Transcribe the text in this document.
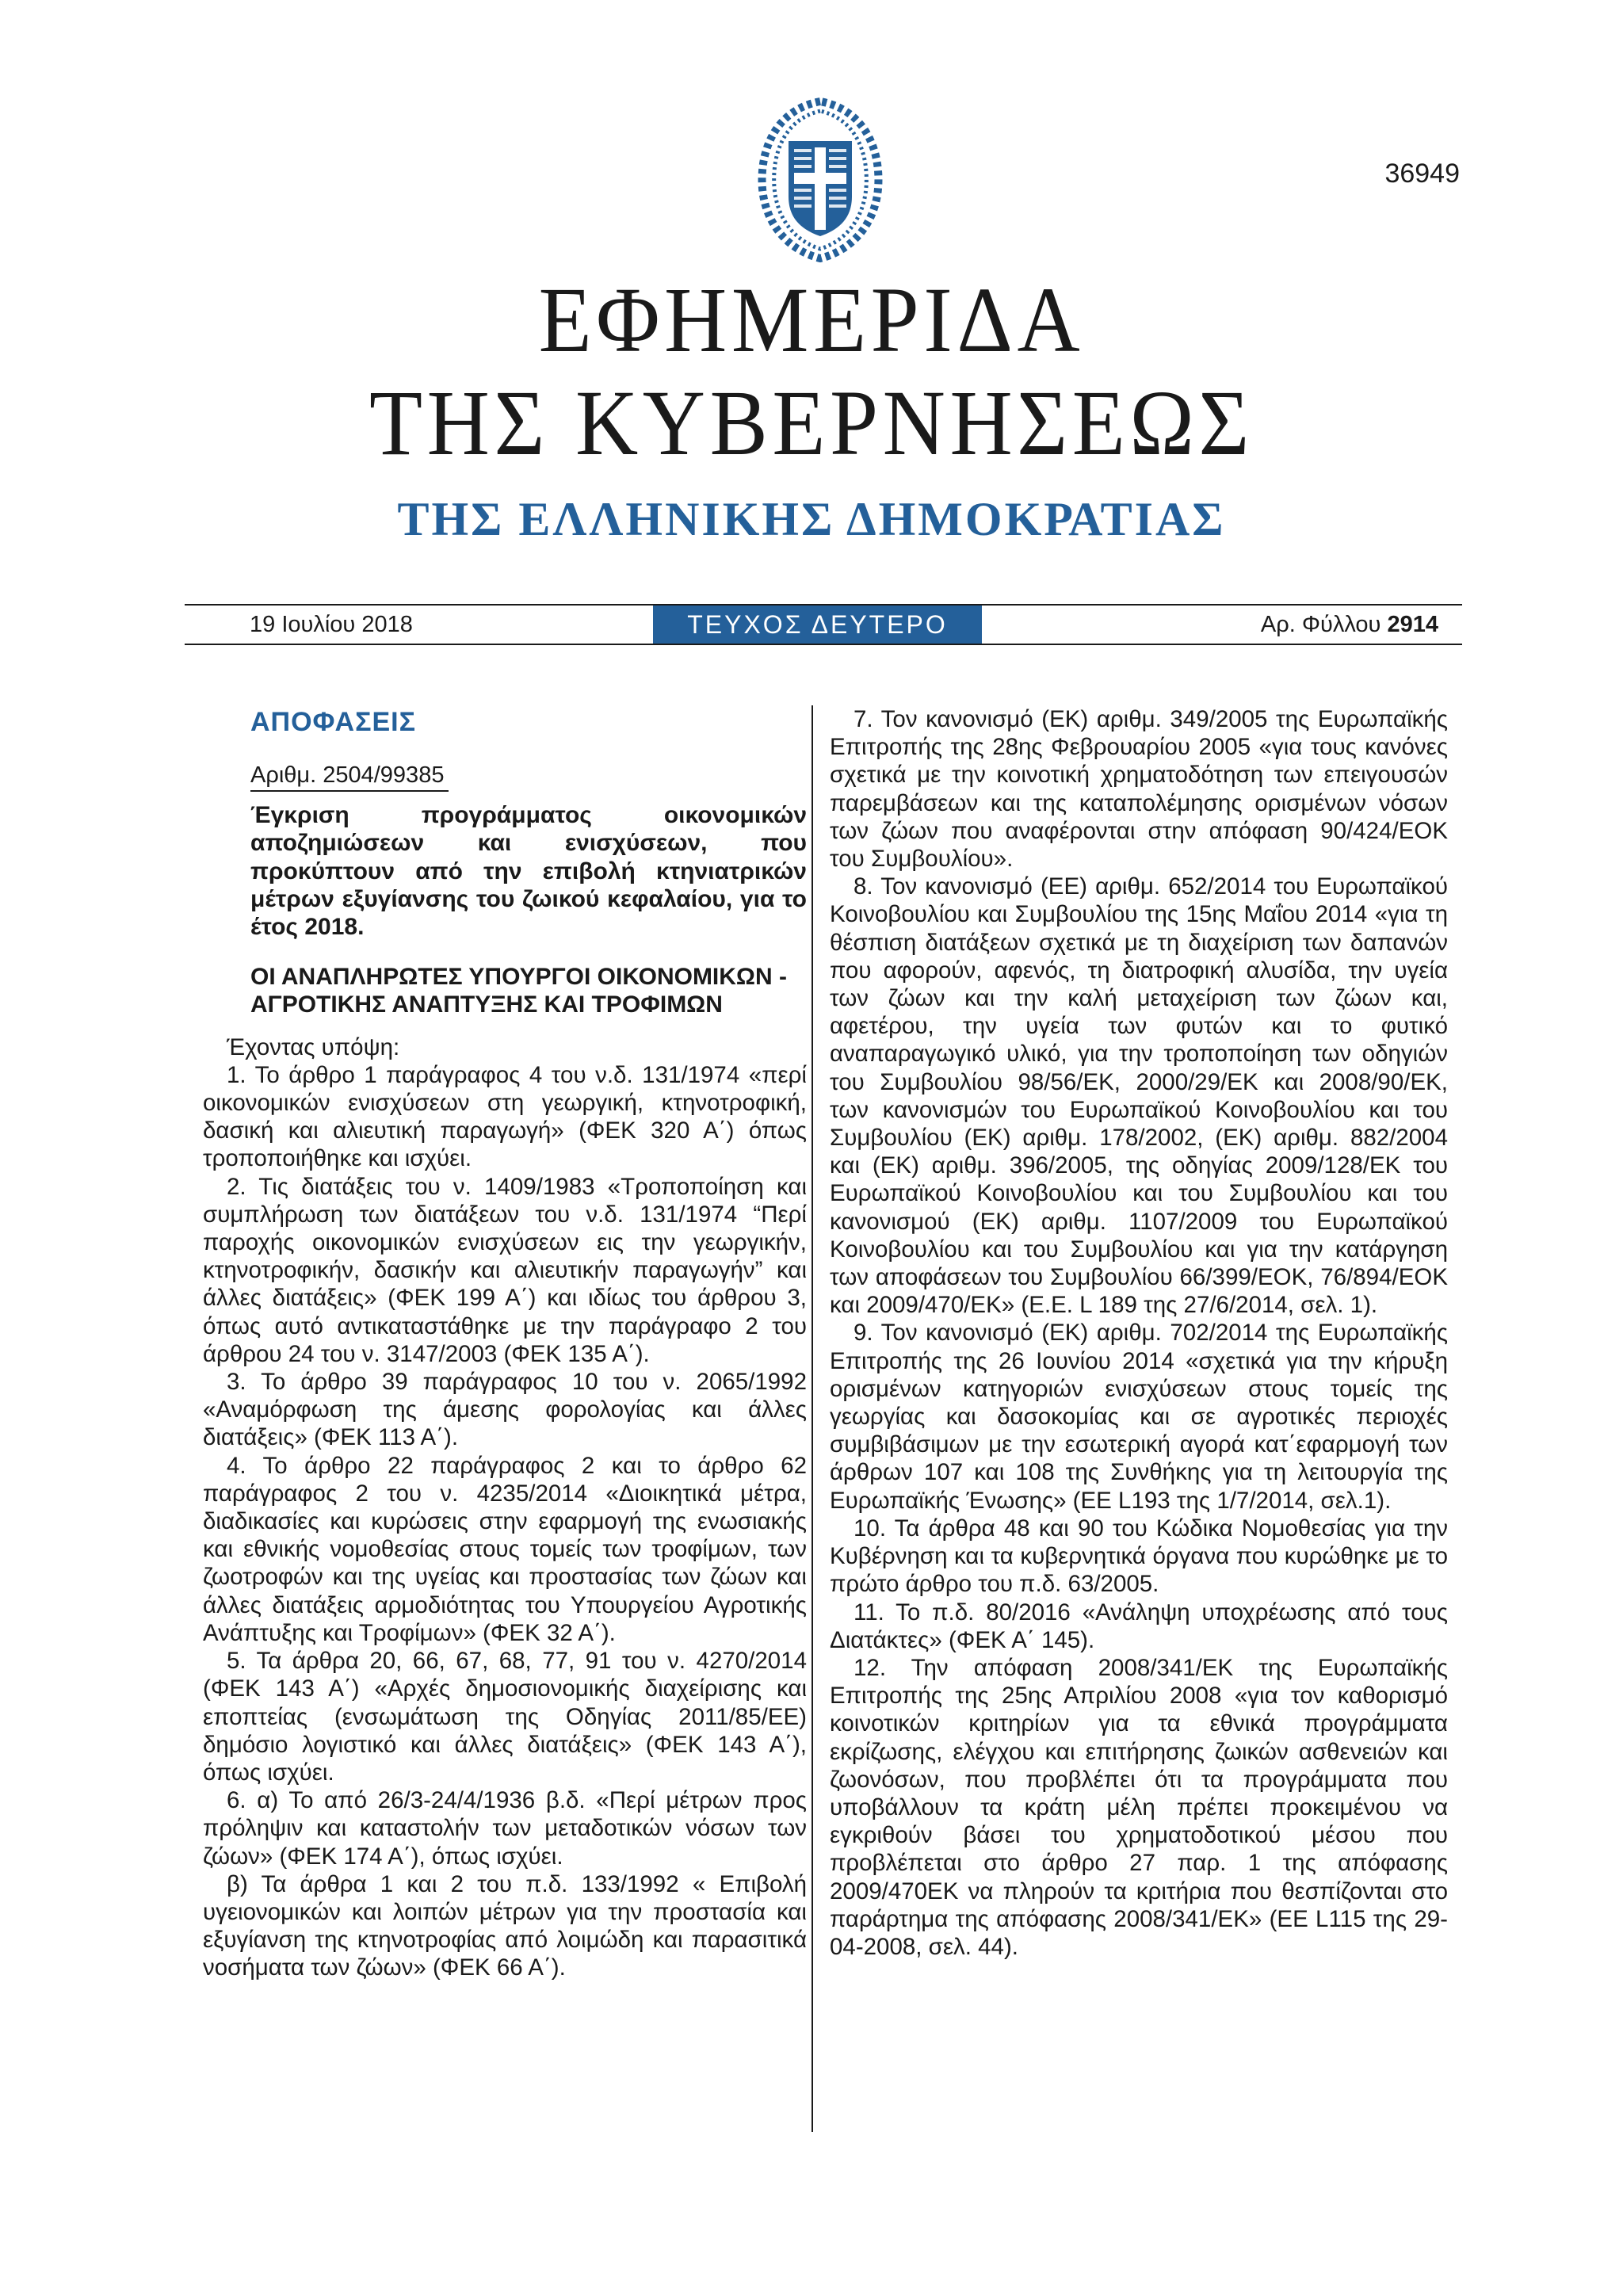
36949
ΕΦΗΜΕΡΙΔΑ
ΤΗΣ ΚΥΒΕΡΝΗΣΕΩΣ
ΤΗΣ ΕΛΛΗΝΙΚΗΣ ΔΗΜΟΚΡΑΤΙΑΣ
19 Ιουλίου 2018	ΤΕΥΧΟΣ ΔΕΥΤΕΡΟ	Αρ. Φύλλου 2914
ΑΠΟΦΑΣΕΙΣ
Αριθμ. 2504/99385
Έγκριση προγράμματος οικονομικών αποζημιώσεων και ενισχύσεων, που προκύπτουν από την επιβολή κτηνιατρικών μέτρων εξυγίανσης του ζωικού κεφαλαίου, για το έτος 2018.
ΟΙ ΑΝΑΠΛΗΡΩΤΕΣ ΥΠΟΥΡΓΟΙ ΟΙΚΟΝΟΜΙΚΩΝ - ΑΓΡΟΤΙΚΗΣ ΑΝΑΠΤΥΞΗΣ ΚΑΙ ΤΡΟΦΙΜΩΝ

Έχοντας υπόψη:

1. Το άρθρο 1 παράγραφος 4 του ν.δ. 131/1974 «περί οικονομικών ενισχύσεων στη γεωργική, κτηνοτροφική, δασική και αλιευτική παραγωγή» (ΦΕΚ 320 Α΄) όπως τροποποιήθηκε και ισχύει.

2. Τις διατάξεις του ν. 1409/1983 «Τροποποίηση και συμπλήρωση των διατάξεων του ν.δ. 131/1974 “Περί παροχής οικονομικών ενισχύσεων εις την γεωργικήν, κτηνοτροφικήν, δασικήν και αλιευτικήν παραγωγήν” και άλλες διατάξεις» (ΦΕΚ 199 Α΄) και ιδίως του άρθρου 3, όπως αυτό αντικαταστάθηκε με την παράγραφο 2 του άρθρου 24 του ν. 3147/2003 (ΦΕΚ 135 Α΄).

3. Το άρθρο 39 παράγραφος 10 του ν. 2065/1992 «Αναμόρφωση της άμεσης φορολογίας και άλλες διατάξεις» (ΦΕΚ 113 Α΄).

4. Το άρθρο 22 παράγραφος 2 και το άρθρο 62 παράγραφος 2 του ν. 4235/2014 «Διοικητικά μέτρα, διαδικασίες και κυρώσεις στην εφαρμογή της ενωσιακής και εθνικής νομοθεσίας στους τομείς των τροφίμων, των ζωοτροφών και της υγείας και προστασίας των ζώων και άλλες διατάξεις αρμοδιότητας του Υπουργείου Αγροτικής Ανάπτυξης και Τροφίμων» (ΦΕΚ 32 Α΄).

5. Τα άρθρα 20, 66, 67, 68, 77, 91 του ν. 4270/2014 (ΦΕΚ 143 Α΄) «Αρχές δημοσιονομικής διαχείρισης και εποπτείας (ενσωμάτωση της Οδηγίας 2011/85/ΕΕ) δημόσιο λογιστικό και άλλες διατάξεις» (ΦΕΚ 143 Α΄), όπως ισχύει.

6. α) Το από 26/3-24/4/1936 β.δ. «Περί μέτρων προς πρόληψιν και καταστολήν των μεταδοτικών νόσων των ζώων» (ΦΕΚ 174 Α΄), όπως ισχύει.

β) Τα άρθρα 1 και 2 του π.δ. 133/1992 « Επιβολή υγειονομικών και λοιπών μέτρων για την προστασία και εξυγίανση της κτηνοτροφίας από λοιμώδη και παρασιτικά νοσήματα των ζώων» (ΦΕΚ 66 Α΄).

7. Τον κανονισμό (ΕΚ) αριθμ. 349/2005 της Ευρωπαϊκής Επιτροπής της 28ης Φεβρουαρίου 2005 «για τους κανόνες σχετικά με την κοινοτική χρηματοδότηση των επειγουσών παρεμβάσεων και της καταπολέμησης ορισμένων νόσων των ζώων που αναφέρονται στην απόφαση 90/424/ΕΟΚ του Συμβουλίου».

8. Τον κανονισμό (ΕΕ) αριθμ. 652/2014 του Ευρωπαϊκού Κοινοβουλίου και Συμβουλίου της 15ης Μαΐου 2014 «για τη θέσπιση διατάξεων σχετικά με τη διαχείριση των δαπανών που αφορούν, αφενός, τη διατροφική αλυσίδα, την υγεία των ζώων και την καλή μεταχείριση των ζώων και, αφετέρου, την υγεία των φυτών και το φυτικό αναπαραγωγικό υλικό, για την τροποποίηση των οδηγιών του Συμβουλίου 98/56/ΕΚ, 2000/29/ΕΚ και 2008/90/ΕΚ, των κανονισμών του Ευρωπαϊκού Κοινοβουλίου και του Συμβουλίου (ΕΚ) αριθμ. 178/2002, (ΕΚ) αριθμ. 882/2004 και (ΕΚ) αριθμ. 396/2005, της οδηγίας 2009/128/ΕΚ του Ευρωπαϊκού Κοινοβουλίου και του Συμβουλίου και του κανονισμού (ΕΚ) αριθμ. 1107/2009 του Ευρωπαϊκού Κοινοβουλίου και του Συμβουλίου και για την κατάργηση των αποφάσεων του Συμβουλίου 66/399/ΕΟΚ, 76/894/ΕΟΚ και 2009/470/ΕΚ» (Ε.Ε. L 189 της 27/6/2014, σελ. 1).

9. Τον κανονισμό (ΕΚ) αριθμ. 702/2014 της Ευρωπαϊκής Επιτροπής της 26 Ιουνίου 2014 «σχετικά για την κήρυξη ορισμένων κατηγοριών ενισχύσεων στους τομείς της γεωργίας και δασοκομίας και σε αγροτικές περιοχές συμβιβάσιμων με την εσωτερική αγορά κατ΄εφαρμογή των άρθρων 107 και 108 της Συνθήκης για τη λειτουργία της Ευρωπαϊκής Ένωσης» (ΕΕ L193 της 1/7/2014, σελ.1).

10. Τα άρθρα 48 και 90 του Κώδικα Νομοθεσίας για την Κυβέρνηση και τα κυβερνητικά όργανα που κυρώθηκε με το πρώτο άρθρο του π.δ. 63/2005.

11. Το π.δ. 80/2016 «Ανάληψη υποχρέωσης από τους Διατάκτες» (ΦΕΚ Α΄ 145).

12. Την απόφαση 2008/341/ΕΚ της Ευρωπαϊκής Επιτροπής της 25ης Απριλίου 2008 «για τον καθορισμό κοινοτικών κριτηρίων για τα εθνικά προγράμματα εκρίζωσης, ελέγχου και επιτήρησης ζωικών ασθενειών και ζωονόσων, που προβλέπει ότι τα προγράμματα που υποβάλλουν τα κράτη μέλη πρέπει προκειμένου να εγκριθούν βάσει του χρηματοδοτικού μέσου που προβλέπεται στο άρθρο 27 παρ. 1 της απόφασης 2009/470ΕΚ να πληρούν τα κριτήρια που θεσπίζονται στο παράρτημα της απόφασης 2008/341/ΕΚ» (ΕΕ L115 της 29-04-2008, σελ. 44).
